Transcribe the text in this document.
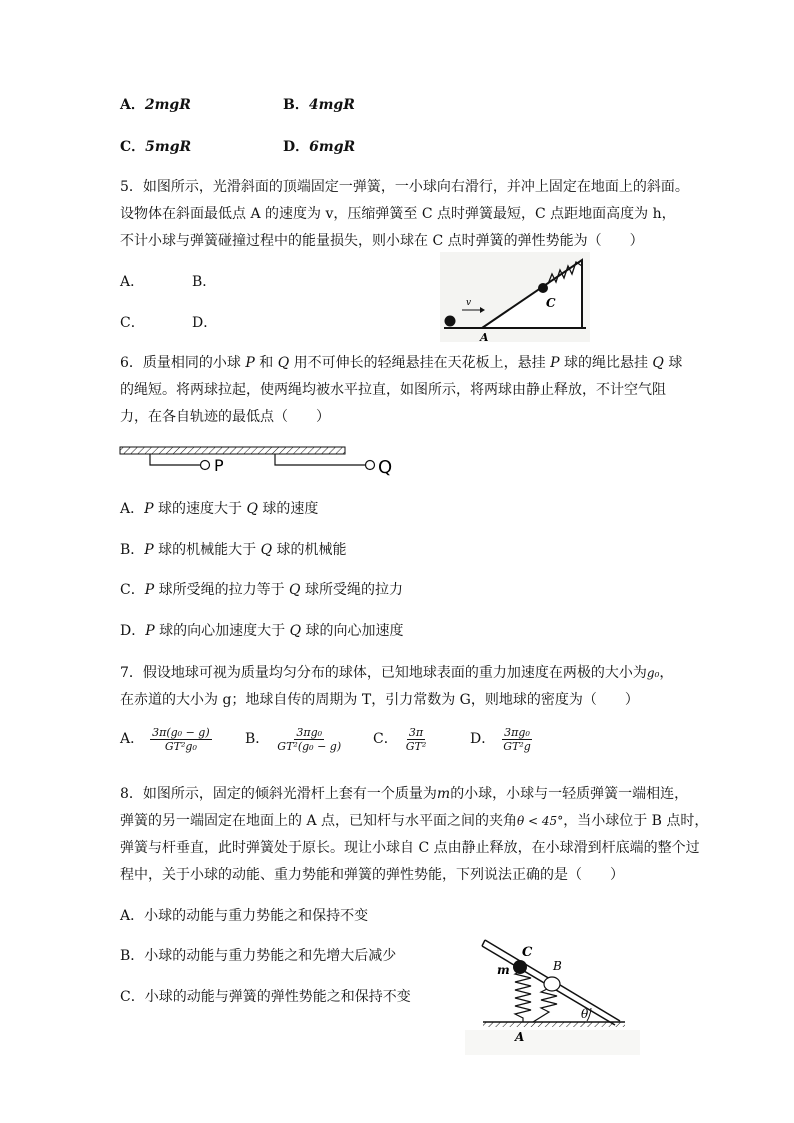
A．2mgR	B．4mgR
C．5mgR	D．6mgR
5．如图所示，光滑斜面的顶端固定一弹簧，一小球向右滑行，并冲上固定在地面上的斜面。
设物体在斜面最低点 A 的速度为 v，压缩弹簧至 C 点时弹簧最短，C 点距地面高度为 h，
不计小球与弹簧碰撞过程中的能量损失，则小球在 C 点时弹簧的弹性势能为（　　）
A．	B．
C．	D．
v	C
A
6．质量相同的小球 P 和 Q 用不可伸长的轻绳悬挂在天花板上，悬挂 P 球的绳比悬挂 Q 球
的绳短。将两球拉起，使两绳均被水平拉直，如图所示，将两球由静止释放，不计空气阻
力，在各自轨迹的最低点（　　）
P	Q
A．P 球的速度大于 Q 球的速度
B．P 球的机械能大于 Q 球的机械能
C．P 球所受绳的拉力等于 Q 球所受绳的拉力
D．P 球的向心加速度大于 Q 球的向心加速度
7．假设地球可视为质量均匀分布的球体，已知地球表面的重力加速度在两极的大小为g₀，
在赤道的大小为 g；地球自传的周期为 T，引力常数为 G，则地球的密度为（　　）
A． $\frac{\text{3π(g₀ − g)}}{\text{GT²g₀}}$ B． $\frac{\text{3πg₀}}{\text{GT²(g₀ − g)}}$ C． $\frac{3\pi}{\text{GT²}}$	D． $\frac{\text{3πg₀}}{\text{GT²g}}$
8．如图所示，固定的倾斜光滑杆上套有一个质量为m的小球，小球与一轻质弹簧一端相连，
弹簧的另一端固定在地面上的 A 点，已知杆与水平面之间的夹角θ < 45°，当小球位于 B 点时，
弹簧与杆垂直，此时弹簧处于原长。现让小球自 C 点由静止释放，在小球滑到杆底端的整个过
程中，关于小球的动能、重力势能和弹簧的弹性势能，下列说法正确的是（　　）
A．小球的动能与重力势能之和保持不变
B．小球的动能与重力势能之和先增大后减少
C．小球的动能与弹簧的弹性势能之和保持不变
C
m	B
θ
A
